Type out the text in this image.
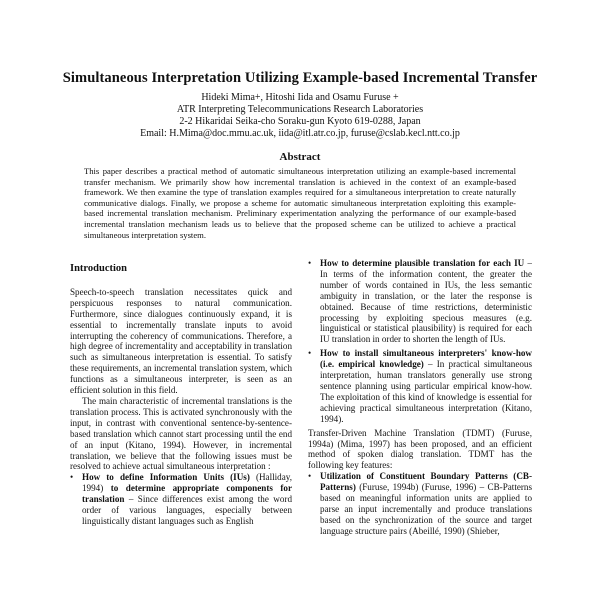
Simultaneous Interpretation Utilizing Example-based Incremental Transfer
Hideki Mima+, Hitoshi Iida and Osamu Furuse +
ATR Interpreting Telecommunications Research Laboratories
2-2 Hikaridai Seika-cho Soraku-gun Kyoto 619-0288, Japan
Email: H.Mima@doc.mmu.ac.uk, iida@itl.atr.co.jp, furuse@cslab.kecl.ntt.co.jp
Abstract
This paper describes a practical method of automatic simultaneous interpretation utilizing an example-based incremental transfer mechanism. We primarily show how incremental translation is achieved in the context of an example-based framework. We then examine the type of translation examples required for a simultaneous interpretation to create naturally communicative dialogs. Finally, we propose a scheme for automatic simultaneous interpretation exploiting this example-based incremental translation mechanism. Preliminary experimentation analyzing the performance of our example-based incremental translation mechanism leads us to believe that the proposed scheme can be utilized to achieve a practical simultaneous interpretation system.
Introduction

Speech-to-speech translation necessitates quick and perspicuous responses to natural communication. Furthermore, since dialogues continuously expand, it is essential to incrementally translate inputs to avoid interrupting the coherency of communications. Therefore, a high degree of incrementality and acceptability in translation such as simultaneous interpretation is essential. To satisfy these requirements, an incremental translation system, which functions as a simultaneous interpreter, is seen as an efficient solution in this field.

The main characteristic of incremental translations is the translation process. This is activated synchronously with the input, in contrast with conventional sentence-by-sentence-based translation which cannot start processing until the end of an input (Kitano, 1994). However, in incremental translation, we believe that the following issues must be resolved to achieve actual simultaneous interpretation :

• How to define Information Units (IUs) (Halliday, 1994) to determine appropriate components for translation – Since differences exist among the word order of various languages, especially between linguistically distant languages such as English
• How to determine plausible translation for each IU – In terms of the information content, the greater the number of words contained in IUs, the less semantic ambiguity in translation, or the later the response is obtained. Because of time restrictions, deterministic processing by exploiting specious measures (e.g. linguistical or statistical plausibility) is required for each IU translation in order to shorten the length of IUs.
• How to install simultaneous interpreters' know-how (i.e. empirical knowledge) – In practical simultaneous interpretation, human translators generally use strong sentence planning using particular empirical know-how. The exploitation of this kind of knowledge is essential for achieving practical simultaneous interpretation (Kitano, 1994).

Transfer-Driven Machine Translation (TDMT) (Furuse, 1994a) (Mima, 1997) has been proposed, and an efficient method of spoken dialog translation. TDMT has the following key features:

• Utilization of Constituent Boundary Patterns (CB-Patterns) (Furuse, 1994b) (Furuse, 1996) – CB-Patterns based on meaningful information units are applied to parse an input incrementally and produce translations based on the synchronization of the source and target language structure pairs (Abeillé, 1990) (Shieber,
